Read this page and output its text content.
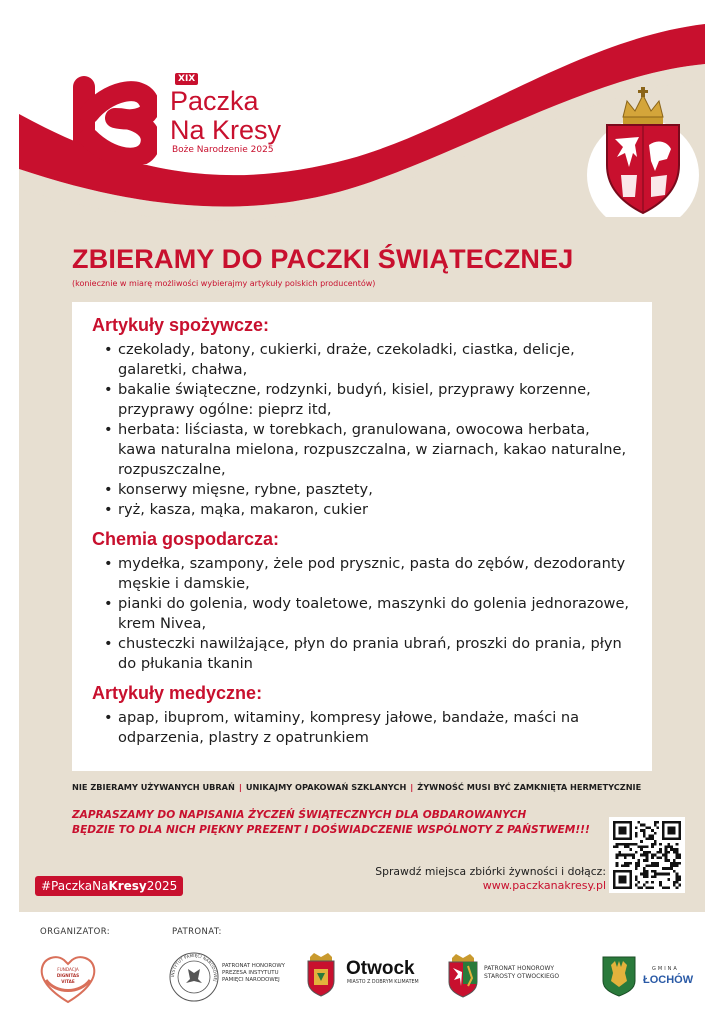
XIX
Paczka
Na Kresy
Boże Narodzenie 2025
ZBIERAMY DO PACZKI ŚWIĄTECZNEJ
(koniecznie w miarę możliwości wybierajmy artykuły polskich producentów)
Artykuły spożywcze:
• czekolady, batony, cukierki, draże, czekoladki, ciastka, delicje,
galaretki, chałwa,
• bakalie świąteczne, rodzynki, budyń, kisiel, przyprawy korzenne,
przyprawy ogólne: pieprz itd,
• herbata: liściasta, w torebkach, granulowana, owocowa herbata,
kawa naturalna mielona, rozpuszczalna, w ziarnach, kakao naturalne,
rozpuszczalne,
• konserwy mięsne, rybne, pasztety,
• ryż, kasza, mąka, makaron, cukier
Chemia gospodarcza:
• mydełka, szampony, żele pod prysznic, pasta do zębów, dezodoranty
męskie i damskie,
• pianki do golenia, wody toaletowe, maszynki do golenia jednorazowe,
krem Nivea,
• chusteczki nawilżające, płyn do prania ubrań, proszki do prania, płyn
do płukania tkanin
Artykuły medyczne:
• apap, ibuprom, witaminy, kompresy jałowe, bandaże, maści na
odparzenia, plastry z opatrunkiem
NIE ZBIERAMY UŻYWANYCH UBRAŃ | UNIKAJMY OPAKOWAŃ SZKLANYCH | ŻYWNOŚĆ MUSI BYĆ ZAMKNIĘTA HERMETYCZNIE
ZAPRASZAMY DO NAPISANIA ŻYCZEŃ ŚWIĄTECZNYCH DLA OBDAROWANYCH
BĘDZIE TO DLA NICH PIĘKNY PREZENT I DOŚWIADCZENIE WSPÓLNOTY Z PAŃSTWEM!!!
#PaczkaNaKresy2025
Sprawdź miejsca zbiórki żywności i dołącz:
www.paczkanakresy.pl
ORGANIZATOR:	PATRONAT:
FUNDACJA
DIGNITAS
VITAE
INSTYTUT PAMIĘCI NARODOWEJ
PATRONAT HONOROWY
PREZESA INSTYTUTU
PAMIĘCI NARODOWEJ
Otwock
MIASTO Z DOBRYM KLIMATEM
PATRONAT HONOROWY
STAROSTY OTWOCKIEGO
GMINA
ŁOCHÓW
